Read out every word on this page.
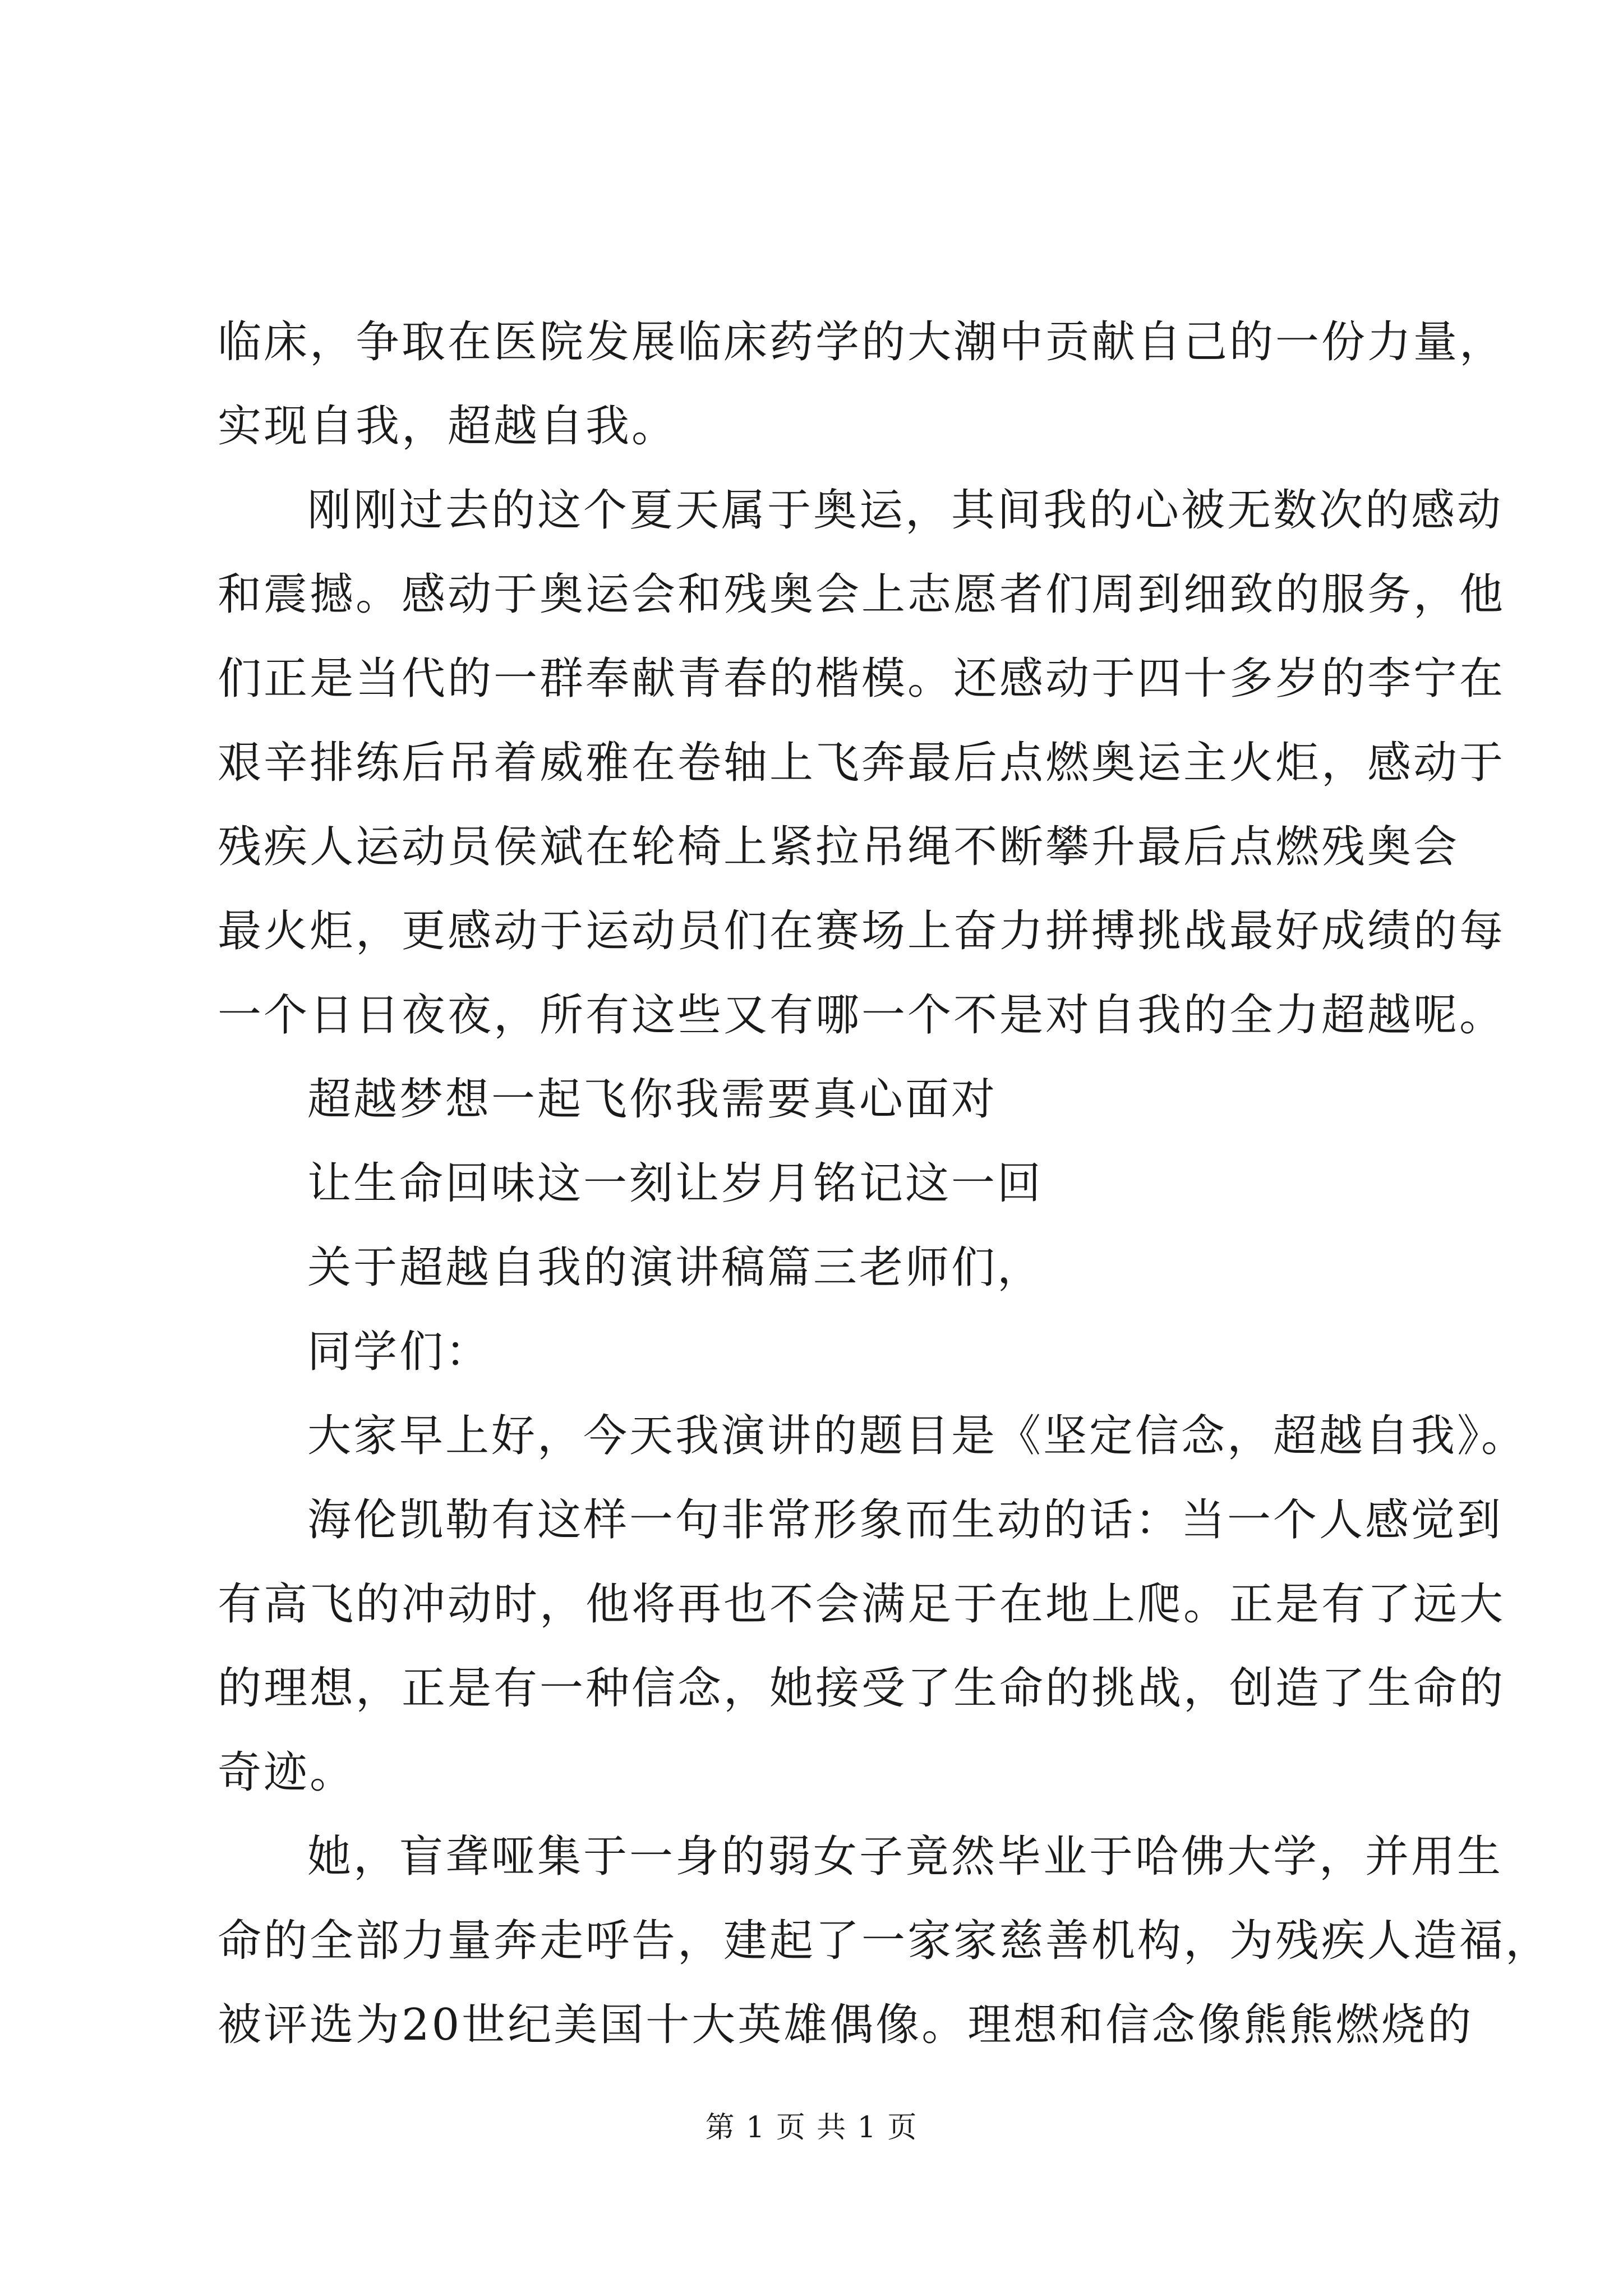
临床，争取在医院发展临床药学的大潮中贡献自己的一份力量，
实现自我，超越自我。
刚刚过去的这个夏天属于奥运，其间我的心被无数次的感动
和震撼。感动于奥运会和残奥会上志愿者们周到细致的服务，他
们正是当代的一群奉献青春的楷模。还感动于四十多岁的李宁在
艰辛排练后吊着威雅在卷轴上飞奔最后点燃奥运主火炬，感动于
残疾人运动员侯斌在轮椅上紧拉吊绳不断攀升最后点燃残奥会
最火炬，更感动于运动员们在赛场上奋力拼搏挑战最好成绩的每
一个日日夜夜，所有这些又有哪一个不是对自我的全力超越呢。
超越梦想一起飞你我需要真心面对
让生命回味这一刻让岁月铭记这一回
关于超越自我的演讲稿篇三老师们，
同学们：
大家早上好，今天我演讲的题目是《坚定信念，超越自我》。
海伦凯勒有这样一句非常形象而生动的话：当一个人感觉到
有高飞的冲动时，他将再也不会满足于在地上爬。正是有了远大
的理想，正是有一种信念，她接受了生命的挑战，创造了生命的
奇迹。
她，盲聋哑集于一身的弱女子竟然毕业于哈佛大学，并用生
命的全部力量奔走呼告，建起了一家家慈善机构，为残疾人造福，
被评选为20世纪美国十大英雄偶像。理想和信念像熊熊燃烧的
第 1 页 共 1 页
